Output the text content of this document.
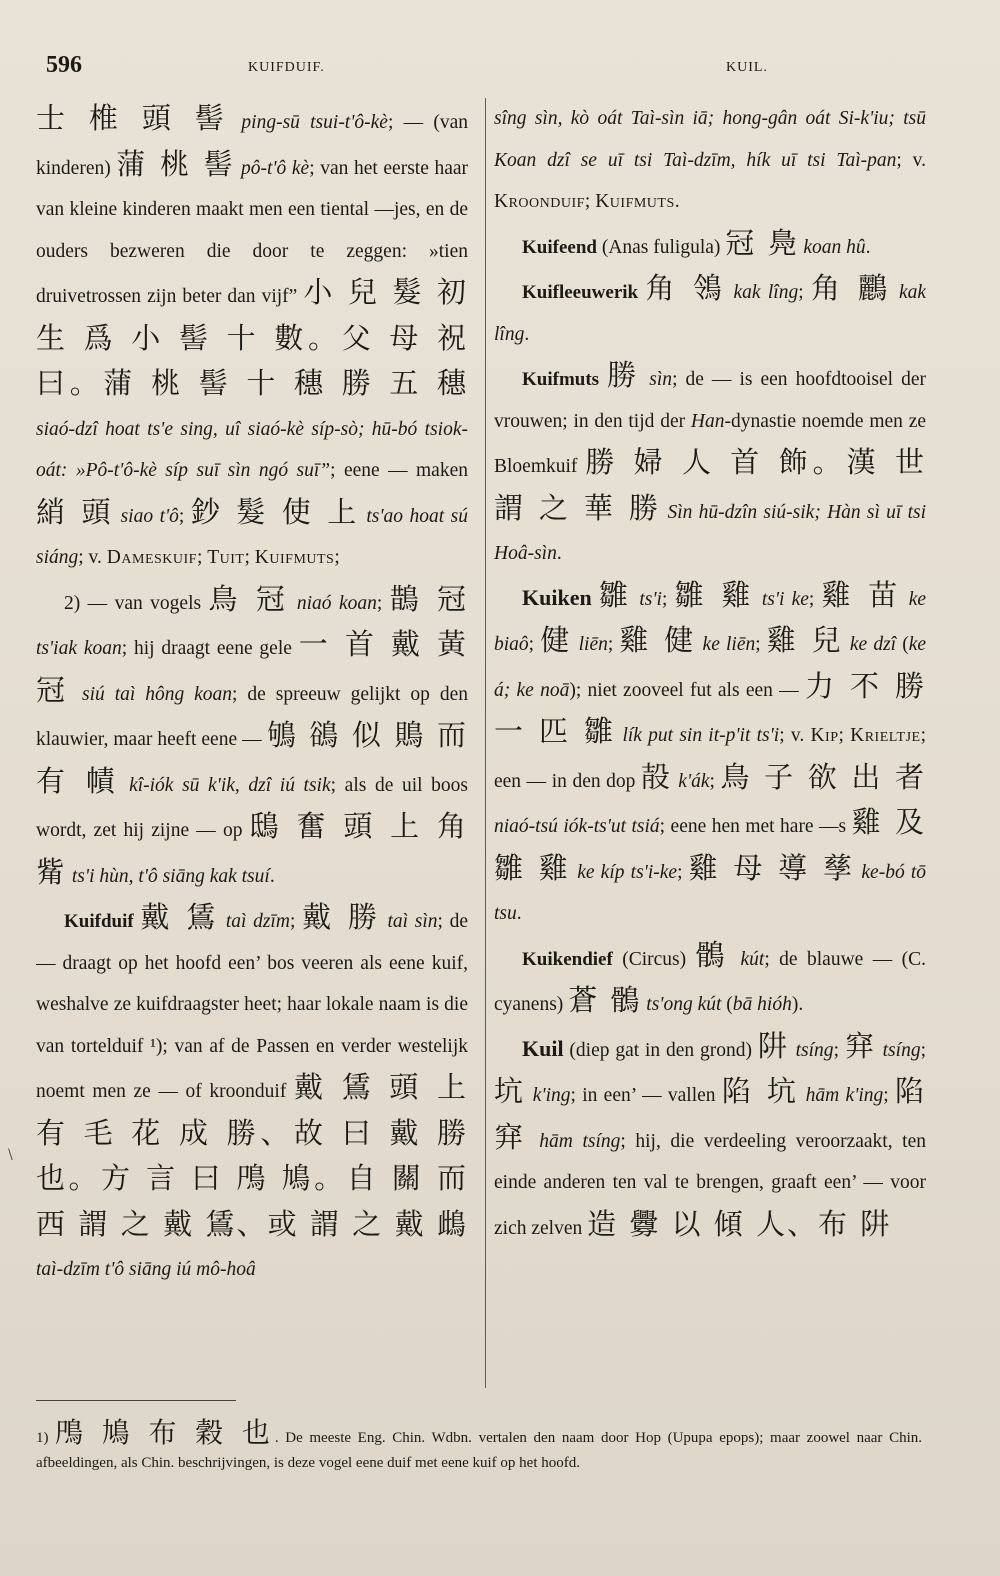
596	KUIFDUIF.	KUIL.

士 椎 頭 髻 ping-sū tsui-t'ô-kè; — (van kinderen) 蒲 桃 髻 pô-t'ô kè; van het eerste haar van kleine kinderen maakt men een tiental —jes, en de ouders bezweren die door te zeggen: »tien druivetrossen zijn beter dan vijf” 小 兒 髮 初 生 爲 小 髻 十 數。父 母 祝 曰。蒲 桃 髻 十 穗 勝 五 穗 siaó-dzî hoat ts'e sing, uî siaó-kè síp-sò; hū-bó tsiok-oát: »Pô-t'ô-kè síp suī sìn ngó suī”; eene — maken 綃 頭 siao t'ô; 鈔 髮 使 上 ts'ao hoat sú siáng; v. Dameskuif; Tuit; Kuifmuts;

2) — van vogels 鳥 冠 niaó koan; 鵲 冠 ts'iak koan; hij draagt eene gele 一 首 戴 黃 冠 siú taì hông koan; de spreeuw gelijkt op den klauwier, maar heeft eene — 鴝 鵒 似 鵙 而 有 幘 kî-iók sū k'ik, dzî iú tsik; als de uil boos wordt, zet hij zijne — op 鴟 奮 頭 上 角 觜 ts'i hùn, t'ô siāng kak tsuí.

Kuifduif 戴 鵀 taì dzīm; 戴 勝 taì sìn; de — draagt op het hoofd een’ bos veeren als eene kuif, weshalve ze kuifdraagster heet; haar lokale naam is die van tortelduif ¹); van af de Passen en verder westelijk noemt men ze — of kroonduif 戴 鵀 頭 上 有 毛 花 成 勝、故 曰 戴 勝 也。方 言 曰 鳲 鳩。自 關 而 西 謂 之 戴 鵀、或 謂 之 戴 䳄 taì-dzīm t'ô siāng iú mô-hoâ

sîng sìn, kò oát Taì-sìn iā; hong-gân oát Si-k'iu; tsū Koan dzî se uī tsi Taì-dzīm, hík uī tsi Taì-pan; v. Kroonduif; Kuifmuts.

Kuifeend (Anas fuligula) 冠 鳧 koan hû.

Kuifleeuwerik 角 鴒 kak lîng; 角 鸝 kak lîng.

Kuifmuts 勝 sìn; de — is een hoofdtooisel der vrouwen; in den tijd der Han-dynastie noemde men ze Bloemkuif 勝 婦 人 首 飾。漢 世 謂 之 華 勝 Sìn hū-dzîn siú-sik; Hàn sì uī tsi Hoâ-sìn.

Kuiken 雛 ts'i; 雛 雞 ts'i ke; 雞 苗 ke biaô; 健 liēn; 雞 健 ke liēn; 雞 兒 ke dzî (ke á; ke noā); niet zooveel fut als een — 力 不 勝 一 匹 雛 lík put sin it-p'it ts'i; v. Kip; Krieltje; een — in den dop 㱿 k'ák; 鳥 子 欲 出 者 niaó-tsú iók-ts'ut tsiá; eene hen met hare —s 雞 及 雛 雞 ke kíp ts'i-ke; 雞 母 導 孳 ke-bó tō tsu.

Kuikendief (Circus) 鶻 kút; de blauwe — (C. cyanens) 蒼 鶻 ts'ong kút (bā hióh).

Kuil (diep gat in den grond) 阱 tsíng; 穽 tsíng; 坑 k'ing; in een’ — vallen 陷 坑 hām k'ing; 陷 穽 hām tsíng; hij, die verdeeling veroorzaakt, ten einde anderen ten val te brengen, graaft een’ — voor zich zelven 造 釁 以 傾 人、布 阱

\
1) 鳲 鳩 布 穀 也. De meeste Eng. Chin. Wdbn. vertalen den naam door Hop (Upupa epops); maar zoowel naar Chin. afbeeldingen, als Chin. beschrijvingen, is deze vogel eene duif met eene kuif op het hoofd.
